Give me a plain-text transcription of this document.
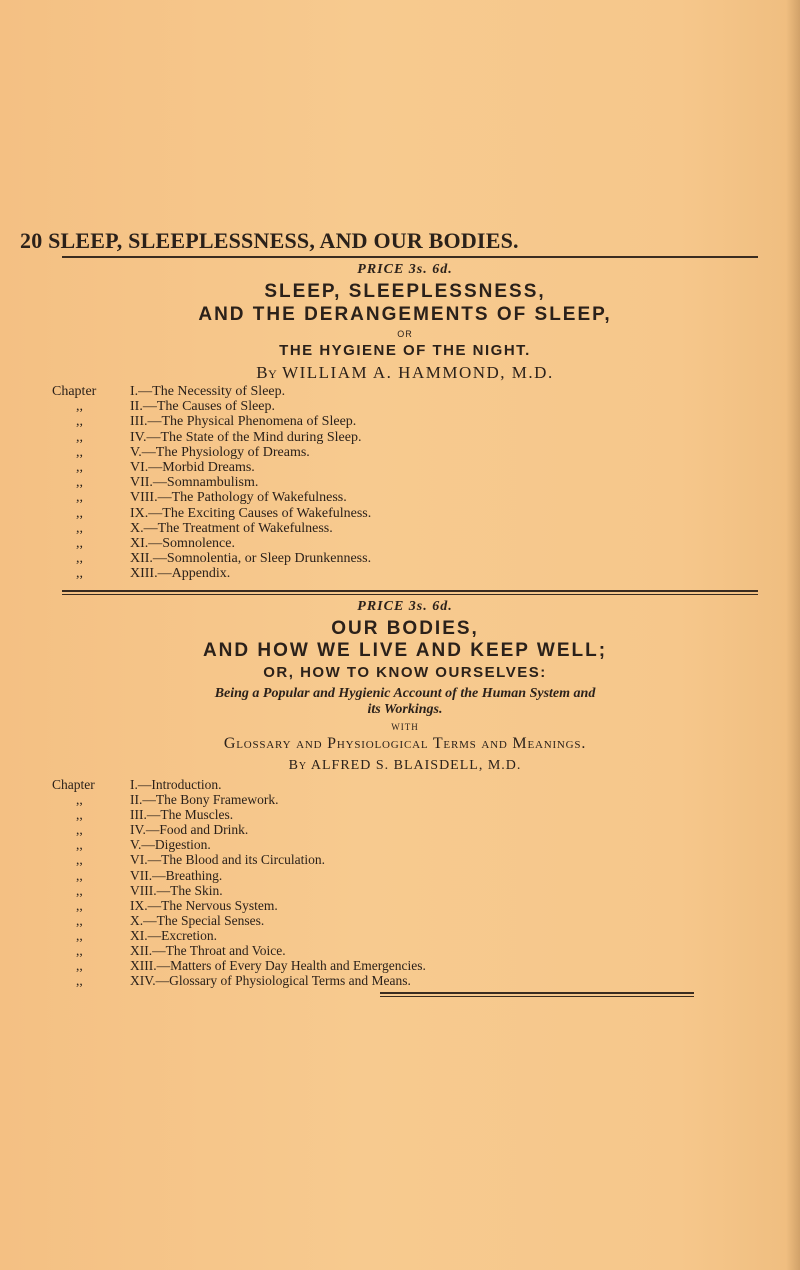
20 SLEEP, SLEEPLESSNESS, AND OUR BODIES.
PRICE 3s. 6d.
SLEEP, SLEEPLESSNESS,
AND THE DERANGEMENTS OF SLEEP,
OR
THE HYGIENE OF THE NIGHT.
By WILLIAM A. HAMMOND, M.D.
Chapter	I.—The Necessity of Sleep.
,,	II.—The Causes of Sleep.
,,	III.—The Physical Phenomena of Sleep.
,,	IV.—The State of the Mind during Sleep.
,,	V.—The Physiology of Dreams.
,,	VI.—Morbid Dreams.
,,	VII.—Somnambulism.
,,	VIII.—The Pathology of Wakefulness.
,,	IX.—The Exciting Causes of Wakefulness.
,,	X.—The Treatment of Wakefulness.
,,	XI.—Somnolence.
,,	XII.—Somnolentia, or Sleep Drunkenness.
,,	XIII.—Appendix.
PRICE 3s. 6d.
OUR BODIES,
AND HOW WE LIVE AND KEEP WELL;
OR, HOW TO KNOW OURSELVES:
Being a Popular and Hygienic Account of the Human System and
its Workings.
WITH
Glossary and Physiological Terms and Meanings.
By ALFRED S. BLAISDELL, M.D.
Chapter	I.—Introduction.
,,	II.—The Bony Framework.
,,	III.—The Muscles.
,,	IV.—Food and Drink.
,,	V.—Digestion.
,,	VI.—The Blood and its Circulation.
,,	VII.—Breathing.
,,	VIII.—The Skin.
,,	IX.—The Nervous System.
,,	X.—The Special Senses.
,,	XI.—Excretion.
,,	XII.—The Throat and Voice.
,,	XIII.—Matters of Every Day Health and Emergencies.
,,	XIV.—Glossary of Physiological Terms and Means.
